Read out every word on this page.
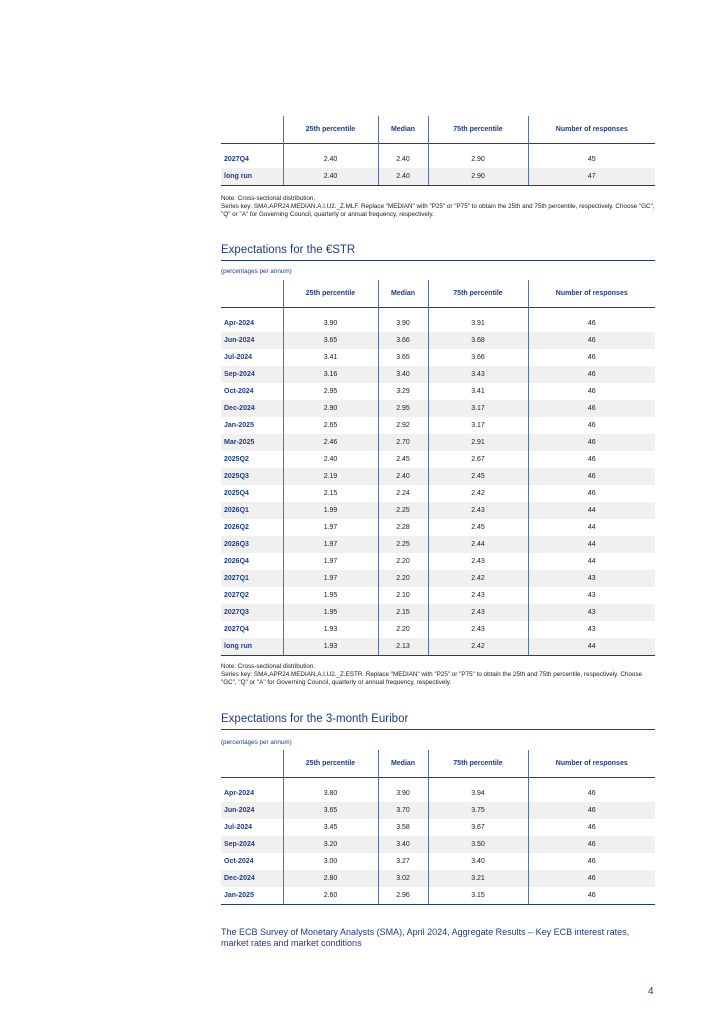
	25th percentile	Median	75th percentile	Number of responses

2027Q4	2.40	2.40	2.90	45
long run	2.40	2.40	2.90	47
Note: Cross-sectional distribution.
Series key: SMA.APR24.MEDIAN.A.I.U2._Z.MLF. Replace "MEDIAN" with "P25" or "P75" to obtain the 25th and 75th percentile, respectively. Choose "GC", "Q" or "A" for Governing Council, quarterly or annual frequency, respectively.
Expectations for the €STR
(percentages per annum)
	25th percentile	Median	75th percentile	Number of responses

Apr-2024	3.90	3.90	3.91	46
Jun-2024	3.65	3.66	3.68	46
Jul-2024	3.41	3.65	3.66	46
Sep-2024	3.16	3.40	3.43	46
Oct-2024	2.95	3.29	3.41	46
Dec-2024	2.90	2.95	3.17	46
Jan-2025	2.65	2.92	3.17	46
Mar-2025	2.46	2.70	2.91	46
2025Q2	2.40	2.45	2.67	46
2025Q3	2.19	2.40	2.45	46
2025Q4	2.15	2.24	2.42	46
2026Q1	1.99	2.25	2.43	44
2026Q2	1.97	2.28	2.45	44
2026Q3	1.97	2.25	2.44	44
2026Q4	1.97	2.20	2.43	44
2027Q1	1.97	2.20	2.42	43
2027Q2	1.95	2.10	2.43	43
2027Q3	1.95	2.15	2.43	43
2027Q4	1.93	2.20	2.43	43
long run	1.93	2.13	2.42	44
Note: Cross-sectional distribution.
Series key: SMA.APR24.MEDIAN.A.I.U2._Z.ESTR. Replace "MEDIAN" with "P25" or "P75" to obtain the 25th and 75th percentile, respectively. Choose "GC", "Q" or "A" for Governing Council, quarterly or annual frequency, respectively.
Expectations for the 3-month Euribor
(percentages per annum)
	25th percentile	Median	75th percentile	Number of responses

Apr-2024	3.80	3.90	3.94	46
Jun-2024	3.65	3.70	3.75	46
Jul-2024	3.45	3.58	3.67	46
Sep-2024	3.20	3.40	3.50	46
Oct-2024	3.00	3.27	3.40	46
Dec-2024	2.80	3.02	3.21	46
Jan-2025	2.60	2.96	3.15	46
The ECB Survey of Monetary Analysts (SMA), April 2024, Aggregate Results – Key ECB interest rates, market rates and market conditions
4
